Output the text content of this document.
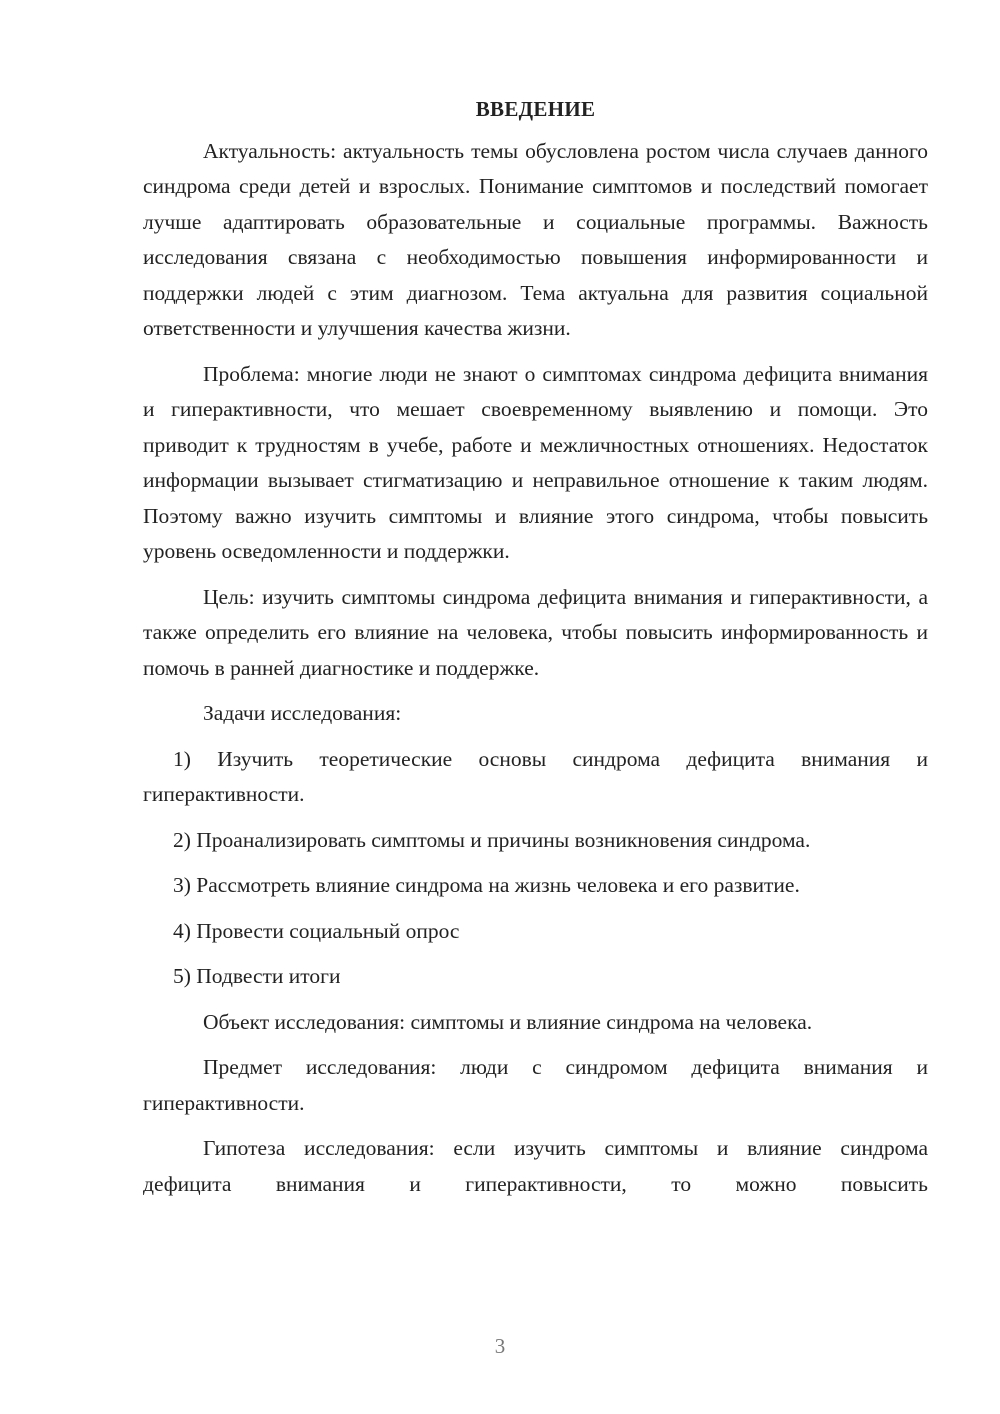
ВВЕДЕНИЕ

Актуальность: актуальность темы обусловлена ростом числа случаев данного синдрома среди детей и взрослых. Понимание симптомов и последствий помогает лучше адаптировать образовательные и социальные программы. Важность исследования связана с необходимостью повышения информированности и поддержки людей с этим диагнозом. Тема актуальна для развития социальной ответственности и улучшения качества жизни.

Проблема: многие люди не знают о симптомах синдрома дефицита внимания и гиперактивности, что мешает своевременному выявлению и помощи. Это приводит к трудностям в учебе, работе и межличностных отношениях. Недостаток информации вызывает стигматизацию и неправильное отношение к таким людям. Поэтому важно изучить симптомы и влияние этого синдрома, чтобы повысить уровень осведомленности и поддержки.

Цель: изучить симптомы синдрома дефицита внимания и гиперактивности, а также определить его влияние на человека, чтобы повысить информированность и помочь в ранней диагностике и поддержке.

Задачи исследования:

1) Изучить теоретические основы синдрома дефицита внимания и гиперактивности.

2) Проанализировать симптомы и причины возникновения синдрома.

3) Рассмотреть влияние синдрома на жизнь человека и его развитие.

4) Провести социальный опрос

5) Подвести итоги

Объект исследования: симптомы и влияние синдрома на человека.

Предмет исследования: люди с синдромом дефицита внимания и гиперактивности.

Гипотеза исследования: если изучить симптомы и влияние синдрома дефицита внимания и гиперактивности, то можно повысить

3
